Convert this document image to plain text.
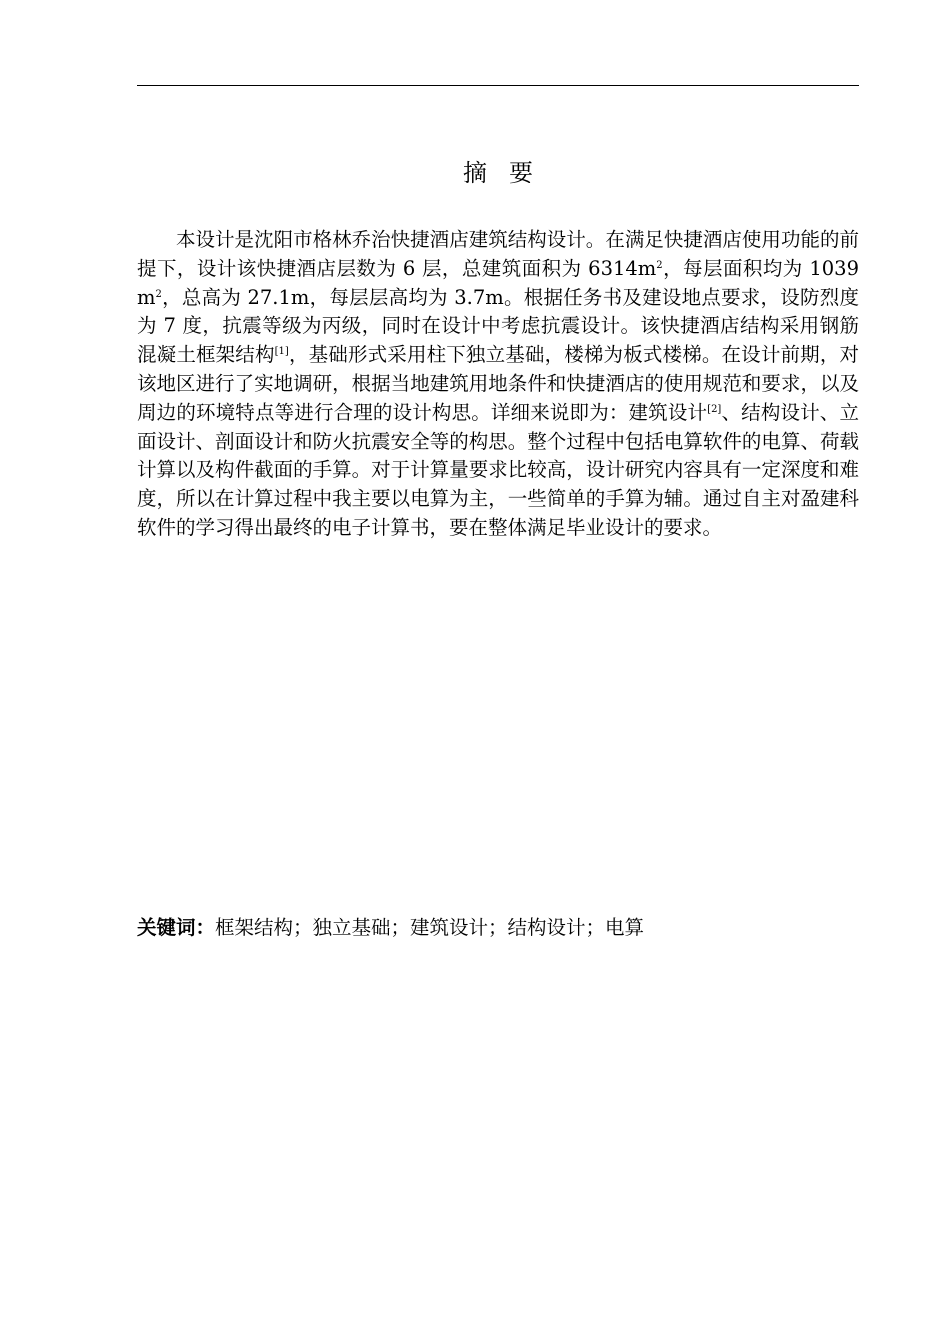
摘 要

本设计是沈阳市格林乔治快捷酒店建筑结构设计。在满足快捷酒店使用功能的前提下，设计该快捷酒店层数为 6 层，总建筑面积为 $6314m^2$，每层面积均为 $1039m^2$，总高为 27.1m，每层层高均为 3.7m。根据任务书及建设地点要求，设防烈度为 7 度，抗震等级为丙级，同时在设计中考虑抗震设计。该快捷酒店结构采用钢筋混凝土框架结构[1]，基础形式采用柱下独立基础，楼梯为板式楼梯。在设计前期，对该地区进行了实地调研，根据当地建筑用地条件和快捷酒店的使用规范和要求，以及周边的环境特点等进行合理的设计构思。详细来说即为：建筑设计[2]、结构设计、立面设计、剖面设计和防火抗震安全等的构思。整个过程中包括电算软件的电算、荷载计算以及构件截面的手算。对于计算量要求比较高，设计研究内容具有一定深度和难度，所以在计算过程中我主要以电算为主，一些简单的手算为辅。通过自主对盈建科软件的学习得出最终的电子计算书，要在整体满足毕业设计的要求。

关键词：框架结构；独立基础；建筑设计；结构设计；电算
